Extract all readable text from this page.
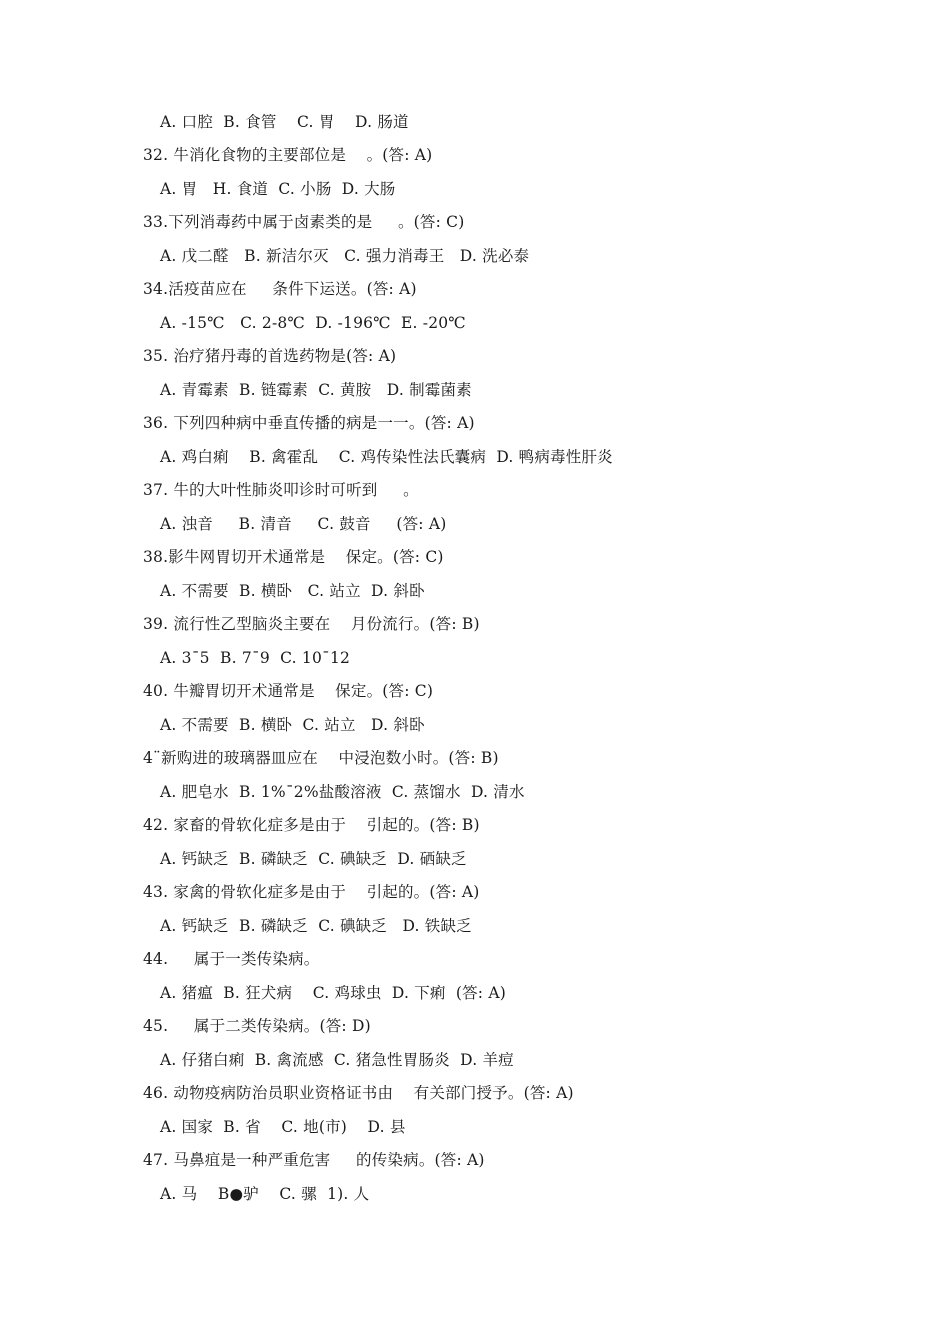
A. 口腔  B. 食管    C. 胃    D. 肠道
32. 牛消化食物的主要部位是    。(答: A)
A. 胃   H. 食道  C. 小肠  D. 大肠
33.下列消毒药中属于卤素类的是     。(答: C)
A. 戊二醛   B. 新洁尔灭   C. 强力消毒王   D. 洗必泰
34.活疫苗应在     条件下运送。(答: A)
A. -15℃   C. 2-8℃  D. -196℃  E. -20℃
35. 治疗猪丹毒的首选药物是(答: A)
A. 青霉素  B. 链霉素  C. 黄胺   D. 制霉菌素
36. 下列四种病中垂直传播的病是一一。(答: A)
A. 鸡白痢    B. 禽霍乱    C. 鸡传染性法氏囊病  D. 鸭病毒性肝炎
37. 牛的大叶性肺炎叩诊时可听到     。
A. 浊音     B. 清音     C. 鼓音     (答: A)
38.影牛网胃切开术通常是    保定。(答: C)
A. 不需要  B. 横卧   C. 站立  D. 斜卧
39. 流行性乙型脑炎主要在    月份流行。(答: B)
A. 3¯5  B. 7¯9  C. 10¯12
40. 牛瓣胃切开术通常是    保定。(答: C)
A. 不需要  B. 横卧  C. 站立   D. 斜卧
4¨新购进的玻璃器皿应在    中浸泡数小时。(答: B)
A. 肥皂水  B. 1%¯2%盐酸溶液  C. 蒸馏水  D. 清水
42. 家畜的骨软化症多是由于    引起的。(答: B)
A. 钙缺乏  B. 磷缺乏  C. 碘缺乏  D. 硒缺乏
43. 家禽的骨软化症多是由于    引起的。(答: A)
A. 钙缺乏  B. 磷缺乏  C. 碘缺乏   D. 铁缺乏
44.     属于一类传染病。
A. 猪瘟  B. 狂犬病    C. 鸡球虫  D. 下痢  (答: A)
45.     属于二类传染病。(答: D)
A. 仔猪白痢  B. 禽流感  C. 猪急性胃肠炎  D. 羊痘
46. 动物疫病防治员职业资格证书由    有关部门授予。(答: A)
A. 国家  B. 省    C. 地(市)    D. 县
47. 马鼻疽是一种严重危害     的传染病。(答: A)
A. 马    B●驴    C. 骡  1). 人
